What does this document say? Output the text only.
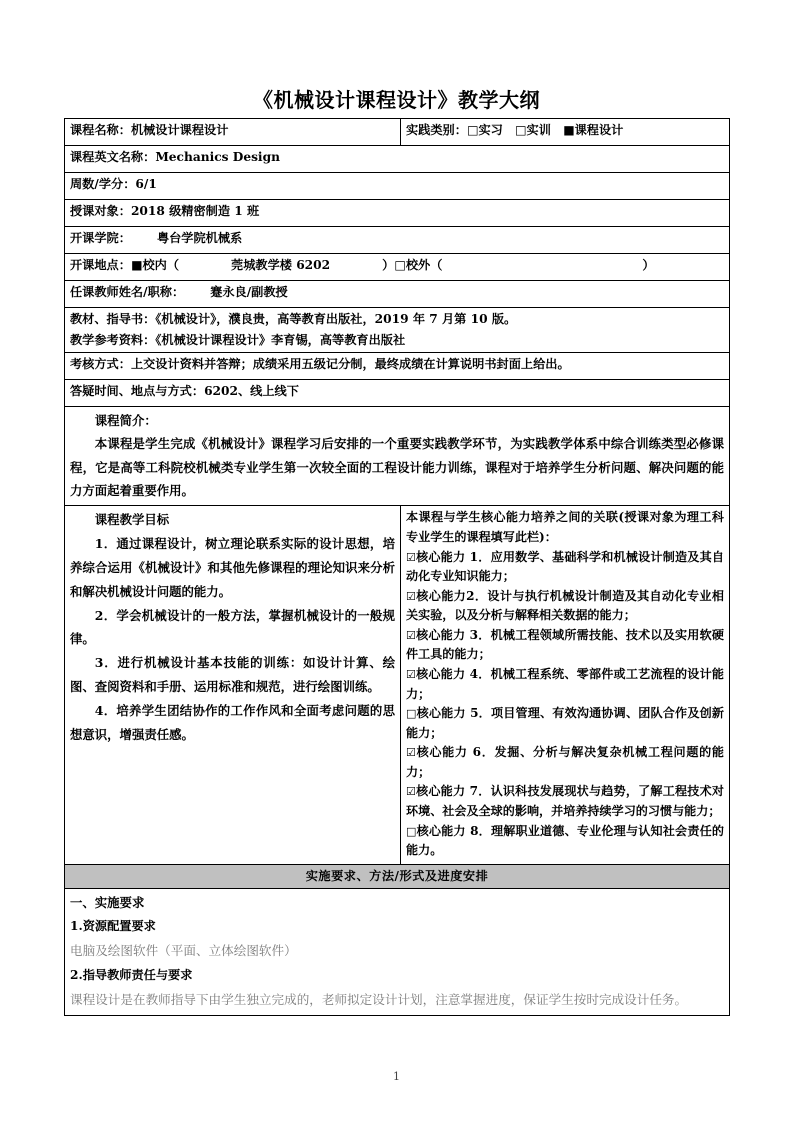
《机械设计课程设计》教学大纲
课程名称：机械设计课程设计	实践类别：□实习　□实训　■课程设计
课程英文名称：Mechanics Design	
周数/学分：6/1	
授课对象：2018 级精密制造 1 班	
开课学院： 粤台学院机械系	
开课地点：■校内（ 莞城教学楼 6202 ）□校外（ ）	
任课教师姓名/职称： 蹇永良/副教授	
教材、指导书：《机械设计》，濮良贵，高等教育出版社，2019 年 7 月第 10 版。	
教学参考资料：《机械设计课程设计》李育锡，高等教育出版社	
考核方式：上交设计资料并答辩；成绩采用五级记分制，最终成绩在计算说明书封面上给出。	
答疑时间、地点与方式：6202、线上线下	

课程简介：

本课程是学生完成《机械设计》课程学习后安排的一个重要实践教学环节，为实践教学体系中综合训练类型必修课程，它是高等工科院校机械类专业学生第一次较全面的工程设计能力训练，课程对于培养学生分析问题、解决问题的能力方面起着重要作用。	

课程教学目标

1．通过课程设计，树立理论联系实际的设计思想，培养综合运用《机械设计》和其他先修课程的理论知识来分析和解决机械设计问题的能力。

2．学会机械设计的一般方法，掌握机械设计的一般规律。

3．进行机械设计基本技能的训练：如设计计算、绘图、查阅资料和手册、运用标准和规范，进行绘图训练。

4．培养学生团结协作的工作作风和全面考虑问题的思想意识，增强责任感。

本课程与学生核心能力培养之间的关联(授课对象为理工科专业学生的课程填写此栏)：

☑核心能力 1．应用数学、基础科学和机械设计制造及其自动化专业知识能力；

☑核心能力2．设计与执行机械设计制造及其自动化专业相关实验，以及分析与解释相关数据的能力；

☑核心能力 3．机械工程领域所需技能、技术以及实用软硬件工具的能力；

☑核心能力 4．机械工程系统、零部件或工艺流程的设计能力；

□核心能力 5．项目管理、有效沟通协调、团队合作及创新能力；

☑核心能力 6．发掘、分析与解决复杂机械工程问题的能力；

☑核心能力 7．认识科技发展现状与趋势，了解工程技术对环境、社会及全球的影响，并培养持续学习的习惯与能力；

□核心能力 8．理解职业道德、专业伦理与认知社会责任的能力。

实施要求、方法/形式及进度安排	

一、实施要求

1.资源配置要求

电脑及绘图软件（平面、立体绘图软件）

2.指导教师责任与要求

课程设计是在教师指导下由学生独立完成的，老师拟定设计计划，注意掌握进度，保证学生按时完成设计任务。	

1
